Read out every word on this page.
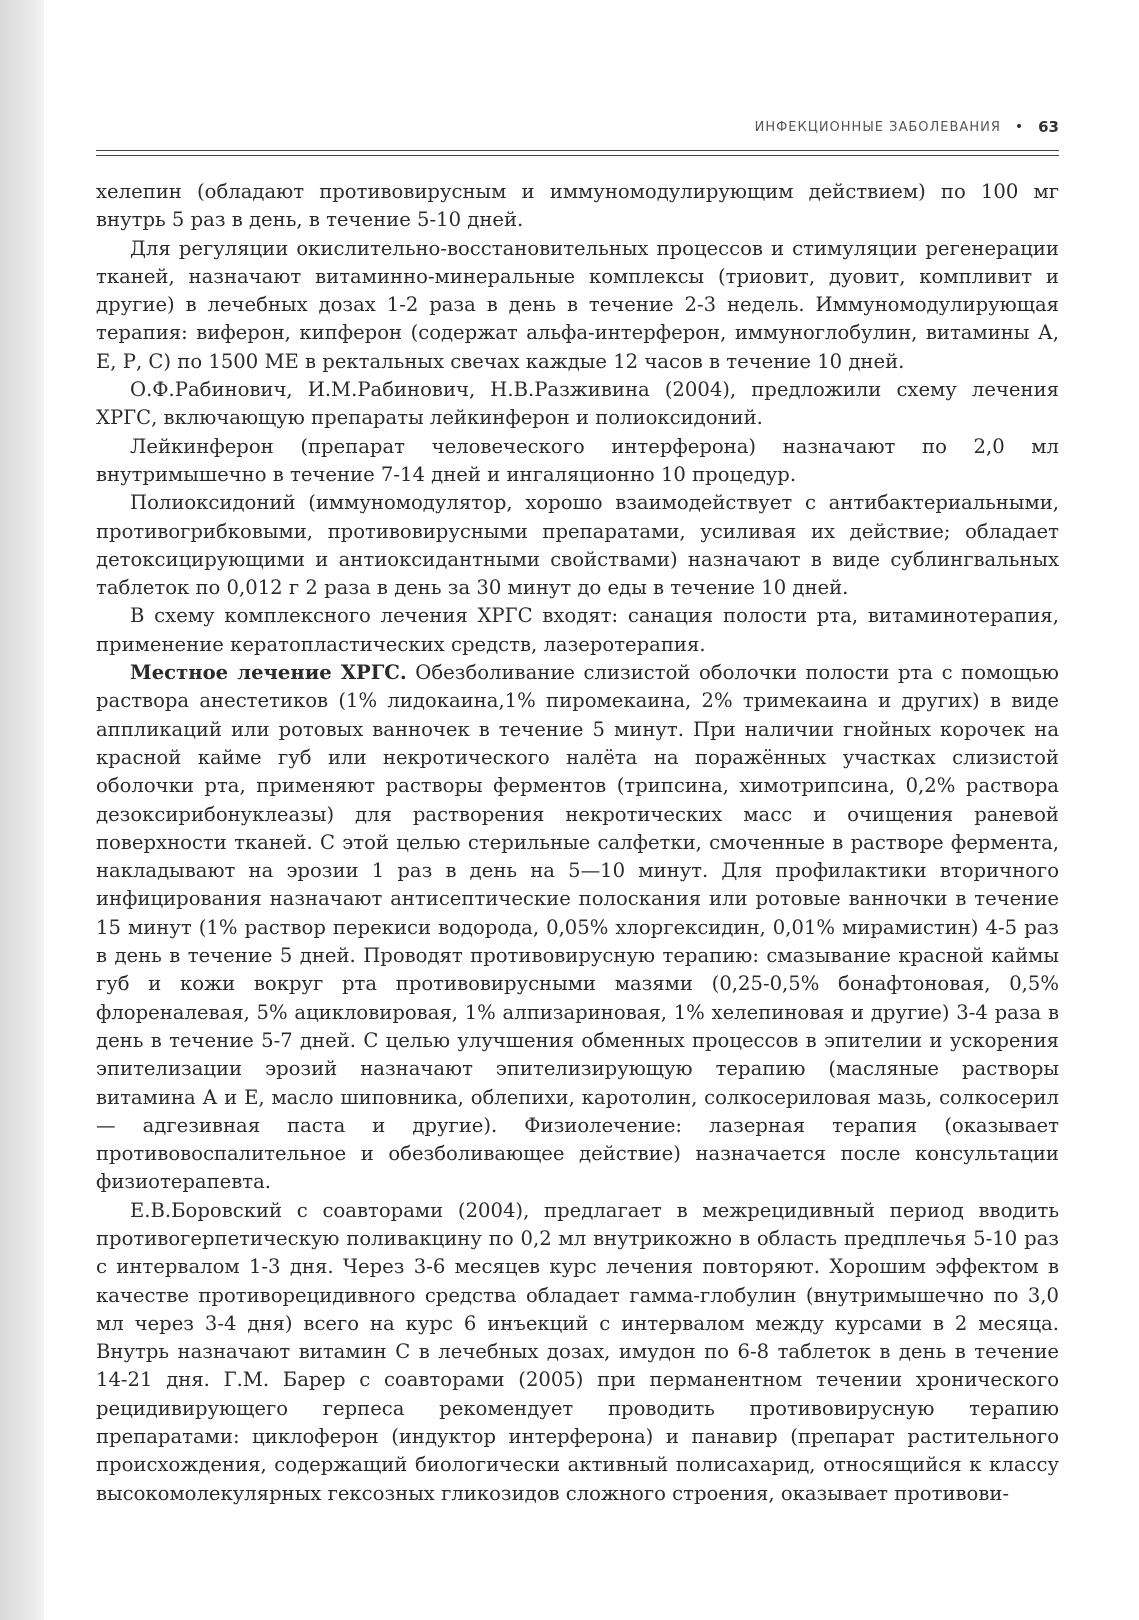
ИНФЕКЦИОННЫЕ ЗАБОЛЕВАНИЯ • 63

хелепин (обладают противовирусным и иммуномодулирующим действием) по 100 мг внутрь 5 раз в день, в течение 5-10 дней.

Для регуляции окислительно-восстановительных процессов и стимуляции регенерации тканей, назначают витаминно-минеральные комплексы (триовит, дуовит, компливит и другие) в лечебных дозах 1-2 раза в день в течение 2-3 недель. Иммуномодулирующая терапия: виферон, кипферон (содержат альфа-интерферон, иммуноглобулин, витамины А, Е, Р, С) по 1500 МЕ в ректальных свечах каждые 12 часов в течение 10 дней.

О.Ф.Рабинович, И.М.Рабинович, Н.В.Разживина (2004), предложили схему лечения ХРГС, включающую препараты лейкинферон и полиоксидоний.

Лейкинферон (препарат человеческого интерферона) назначают по 2,0 мл внутримышечно в течение 7-14 дней и ингаляционно 10 процедур.

Полиоксидоний (иммуномодулятор, хорошо взаимодействует с антибактериальными, противогрибковыми, противовирусными препаратами, усиливая их действие; обладает детоксицирующими и антиоксидантными свойствами) назначают в виде сублингвальных таблеток по 0,012 г 2 раза в день за 30 минут до еды в течение 10 дней.

В схему комплексного лечения ХРГС входят: санация полости рта, витаминотерапия, применение кератопластических средств, лазеротерапия.

Местное лечение ХРГС. Обезболивание слизистой оболочки полости рта с помощью раствора анестетиков (1% лидокаина,1% пиромекаина, 2% тримекаина и других) в виде аппликаций или ротовых ванночек в течение 5 минут. При наличии гнойных корочек на красной кайме губ или некротического налёта на поражённых участках слизистой оболочки рта, применяют растворы ферментов (трипсина, химотрипсина, 0,2% раствора дезоксирибонуклеазы) для растворения некротических масс и очищения раневой поверхности тканей. С этой целью стерильные салфетки, смоченные в растворе фермента, накладывают на эрозии 1 раз в день на 5—10 минут. Для профилактики вторичного инфицирования назначают антисептические полоскания или ротовые ванночки в течение 15 минут (1% раствор перекиси водорода, 0,05% хлоргексидин, 0,01% мирамистин) 4-5 раз в день в течение 5 дней. Проводят противовирусную терапию: смазывание красной каймы губ и кожи вокруг рта противовирусными мазями (0,25-0,5% бонафтоновая, 0,5% флореналевая, 5% ацикловировая, 1% алпизариновая, 1% хелепиновая и другие) 3-4 раза в день в течение 5-7 дней. С целью улучшения обменных процессов в эпителии и ускорения эпителизации эрозий назначают эпителизирующую терапию (масляные растворы витамина А и Е, масло шиповника, облепихи, каротолин, солкосериловая мазь, солкосерил — адгезивная паста и другие). Физиолечение: лазерная терапия (оказывает противовоспалительное и обезболивающее действие) назначается после консультации физиотерапевта.

Е.В.Боровский с соавторами (2004), предлагает в межрецидивный период вводить противогерпетическую поливакцину по 0,2 мл внутрикожно в область предплечья 5-10 раз с интервалом 1-3 дня. Через 3-6 месяцев курс лечения повторяют. Хорошим эффектом в качестве противорецидивного средства обладает гамма-глобулин (внутримышечно по 3,0 мл через 3-4 дня) всего на курс 6 инъекций с интервалом между курсами в 2 месяца. Внутрь назначают витамин С в лечебных дозах, имудон по 6-8 таблеток в день в течение 14-21 дня. Г.М. Барер с соавторами (2005) при перманентном течении хронического рецидивирующего герпеса рекомендует проводить противовирусную терапию препаратами: циклоферон (индуктор интерферона) и панавир (препарат растительного происхождения, содержащий биологически активный полисахарид, относящийся к классу высокомолекулярных гексозных гликозидов сложного строения, оказывает противови-
